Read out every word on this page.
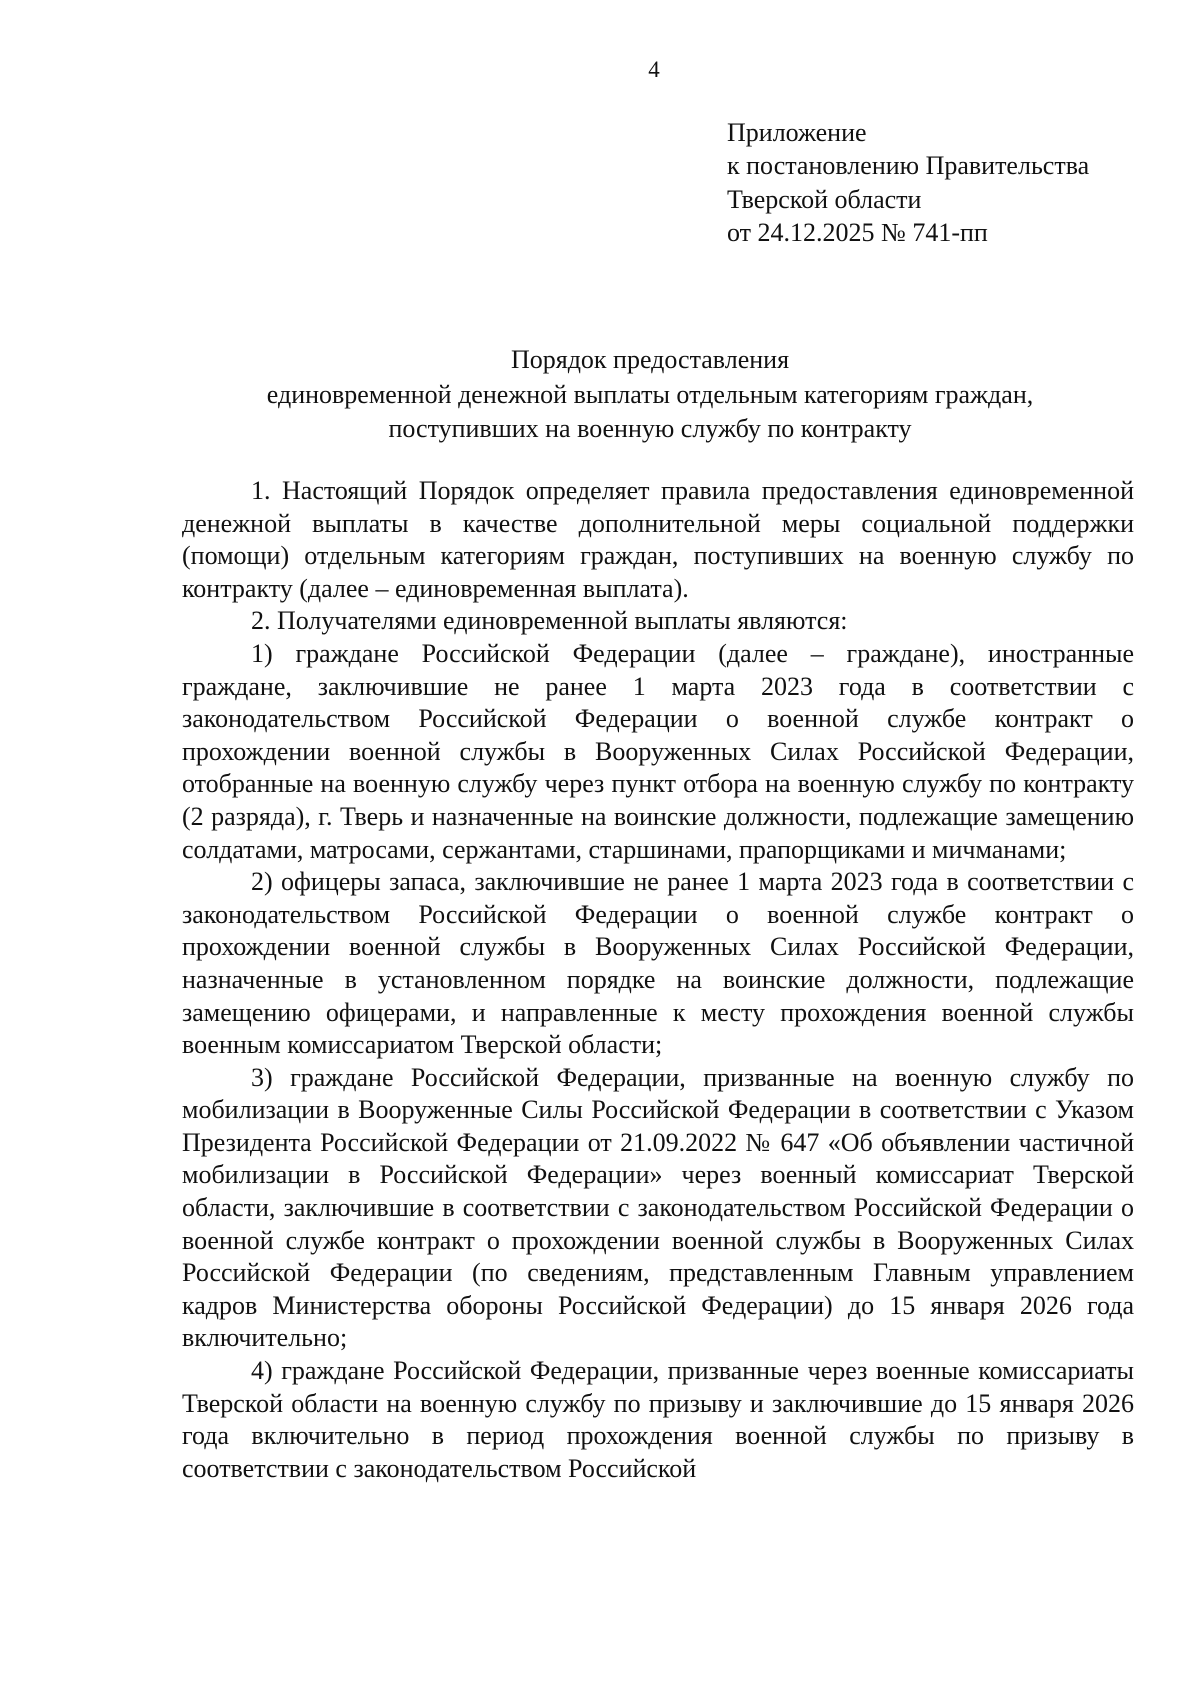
4
Приложение
к постановлению Правительства
Тверской области
от 24.12.2025 № 741-пп
Порядок предоставления
единовременной денежной выплаты отдельным категориям граждан,
поступивших на военную службу по контракту

1. Настоящий Порядок определяет правила предоставления единовременной денежной выплаты в качестве дополнительной меры социальной поддержки (помощи) отдельным категориям граждан, поступивших на военную службу по контракту (далее – единовременная выплата).

2. Получателями единовременной выплаты являются:

1) граждане Российской Федерации (далее – граждане), иностранные граждане, заключившие не ранее 1 марта 2023 года в соответствии с законодательством Российской Федерации о военной службе контракт о прохождении военной службы в Вооруженных Силах Российской Федерации, отобранные на военную службу через пункт отбора на военную службу по контракту (2 разряда), г. Тверь и назначенные на воинские должности, подлежащие замещению солдатами, матросами, сержантами, старшинами, прапорщиками и мичманами;

2) офицеры запаса, заключившие не ранее 1 марта 2023 года в соответствии с законодательством Российской Федерации о военной службе контракт о прохождении военной службы в Вооруженных Силах Российской Федерации, назначенные в установленном порядке на воинские должности, подлежащие замещению офицерами, и направленные к месту прохождения военной службы военным комиссариатом Тверской области;

3) граждане Российской Федерации, призванные на военную службу по мобилизации в Вооруженные Силы Российской Федерации в соответствии с Указом Президента Российской Федерации от 21.09.2022 № 647 «Об объявлении частичной мобилизации в Российской Федерации» через военный комиссариат Тверской области, заключившие в соответствии с законодательством Российской Федерации о военной службе контракт о прохождении военной службы в Вооруженных Силах Российской Федерации (по сведениям, представленным Главным управлением кадров Министерства обороны Российской Федерации) до 15 января 2026 года включительно;

4) граждане Российской Федерации, призванные через военные комиссариаты Тверской области на военную службу по призыву и заключившие до 15 января 2026 года включительно в период прохождения военной службы по призыву в соответствии с законодательством Российской
